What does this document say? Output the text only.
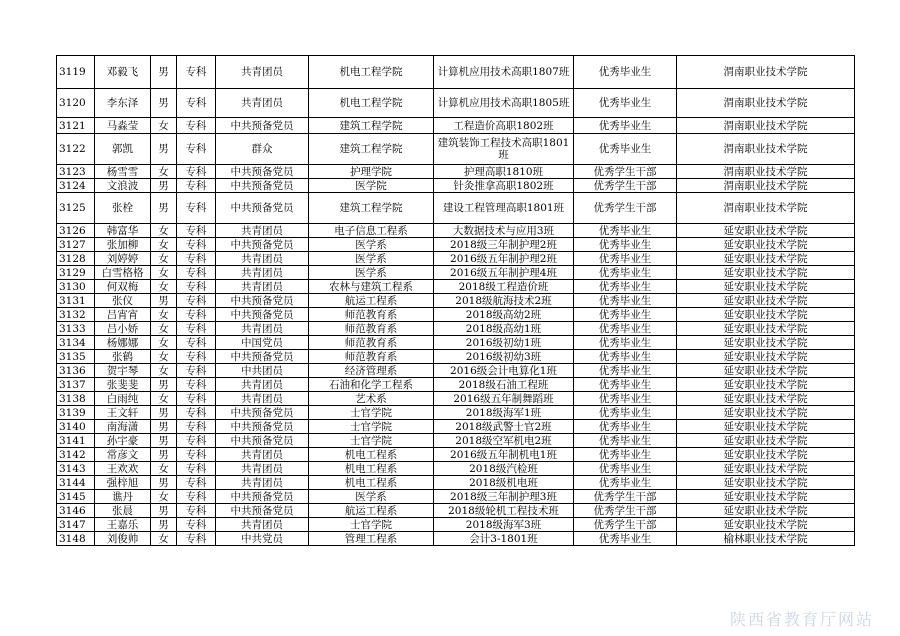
3119	邓毅飞	男	专科	共青团员	机电工程学院	计算机应用技术高职1807班	优秀毕业生	渭南职业技术学院
3120	李东泽	男	专科	共青团员	机电工程学院	计算机应用技术高职1805班	优秀毕业生	渭南职业技术学院
3121	马淼莹	女	专科	中共预备党员	建筑工程学院	工程造价高职1802班	优秀毕业生	渭南职业技术学院
3122	郭凯	男	专科	群众	建筑工程学院	建筑装饰工程技术高职1801班	优秀毕业生	渭南职业技术学院
3123	杨雪雪	女	专科	中共预备党员	护理学院	护理高职1810班	优秀学生干部	渭南职业技术学院
3124	文浪波	男	专科	中共预备党员	医学院	针灸推拿高职1802班	优秀学生干部	渭南职业技术学院
3125	张栓	男	专科	中共预备党员	建筑工程学院	建设工程管理高职1801班	优秀学生干部	渭南职业技术学院
3126	韩富华	女	专科	共青团员	电子信息工程系	大数据技术与应用3班	优秀毕业生	延安职业技术学院
3127	张加柳	女	专科	中共预备党员	医学系	2018级三年制护理2班	优秀毕业生	延安职业技术学院
3128	刘婷婷	女	专科	共青团员	医学系	2016级五年制护理2班	优秀毕业生	延安职业技术学院
3129	白雪格格	女	专科	共青团员	医学系	2016级五年制护理4班	优秀毕业生	延安职业技术学院
3130	何双梅	女	专科	共青团员	农林与建筑工程系	2018级工程造价班	优秀毕业生	延安职业技术学院
3131	张仪	男	专科	中共预备党员	航运工程系	2018级航海技术2班	优秀毕业生	延安职业技术学院
3132	吕宵宵	女	专科	中共预备党员	师范教育系	2018级高幼2班	优秀毕业生	延安职业技术学院
3133	吕小娇	女	专科	共青团员	师范教育系	2018级高幼1班	优秀毕业生	延安职业技术学院
3134	杨娜娜	女	专科	中国党员	师范教育系	2016级初幼1班	优秀毕业生	延安职业技术学院
3135	张鹤	女	专科	中共预备党员	师范教育系	2016级初幼3班	优秀毕业生	延安职业技术学院
3136	贺宇琴	女	专科	中共团员	经济管理系	2016级会计电算化1班	优秀毕业生	延安职业技术学院
3137	张斐斐	男	专科	共青团员	石油和化学工程系	2018级石油工程班	优秀毕业生	延安职业技术学院
3138	白雨纯	女	专科	共青团员	艺术系	2016级五年制舞蹈班	优秀毕业生	延安职业技术学院
3139	王文轩	男	专科	中共预备党员	士官学院	2018级海军1班	优秀毕业生	延安职业技术学院
3140	南海潇	男	专科	中共预备党员	士官学院	2018级武警士官2班	优秀毕业生	延安职业技术学院
3141	孙宇豪	男	专科	中共预备党员	士官学院	2018级空军机电2班	优秀毕业生	延安职业技术学院
3142	常彦文	男	专科	共青团员	机电工程系	2016级五年制机电1班	优秀毕业生	延安职业技术学院
3143	王欢欢	女	专科	共青团员	机电工程系	2018级汽检班	优秀毕业生	延安职业技术学院
3144	强梓旭	男	专科	共青团员	机电工程系	2018级机电班	优秀毕业生	延安职业技术学院
3145	谯丹	女	专科	中共预备党员	医学系	2018级三年制护理3班	优秀学生干部	延安职业技术学院
3146	张晨	男	专科	中共预备党员	航运工程系	2018级轮机工程技术班	优秀学生干部	延安职业技术学院
3147	王嘉乐	男	专科	共青团员	士官学院	2018级海军3班	优秀学生干部	延安职业技术学院
3148	刘俊帅	女	专科	中共党员	管理工程系	会计3-1801班	优秀毕业生	榆林职业技术学院
陕西省教育厅网站
